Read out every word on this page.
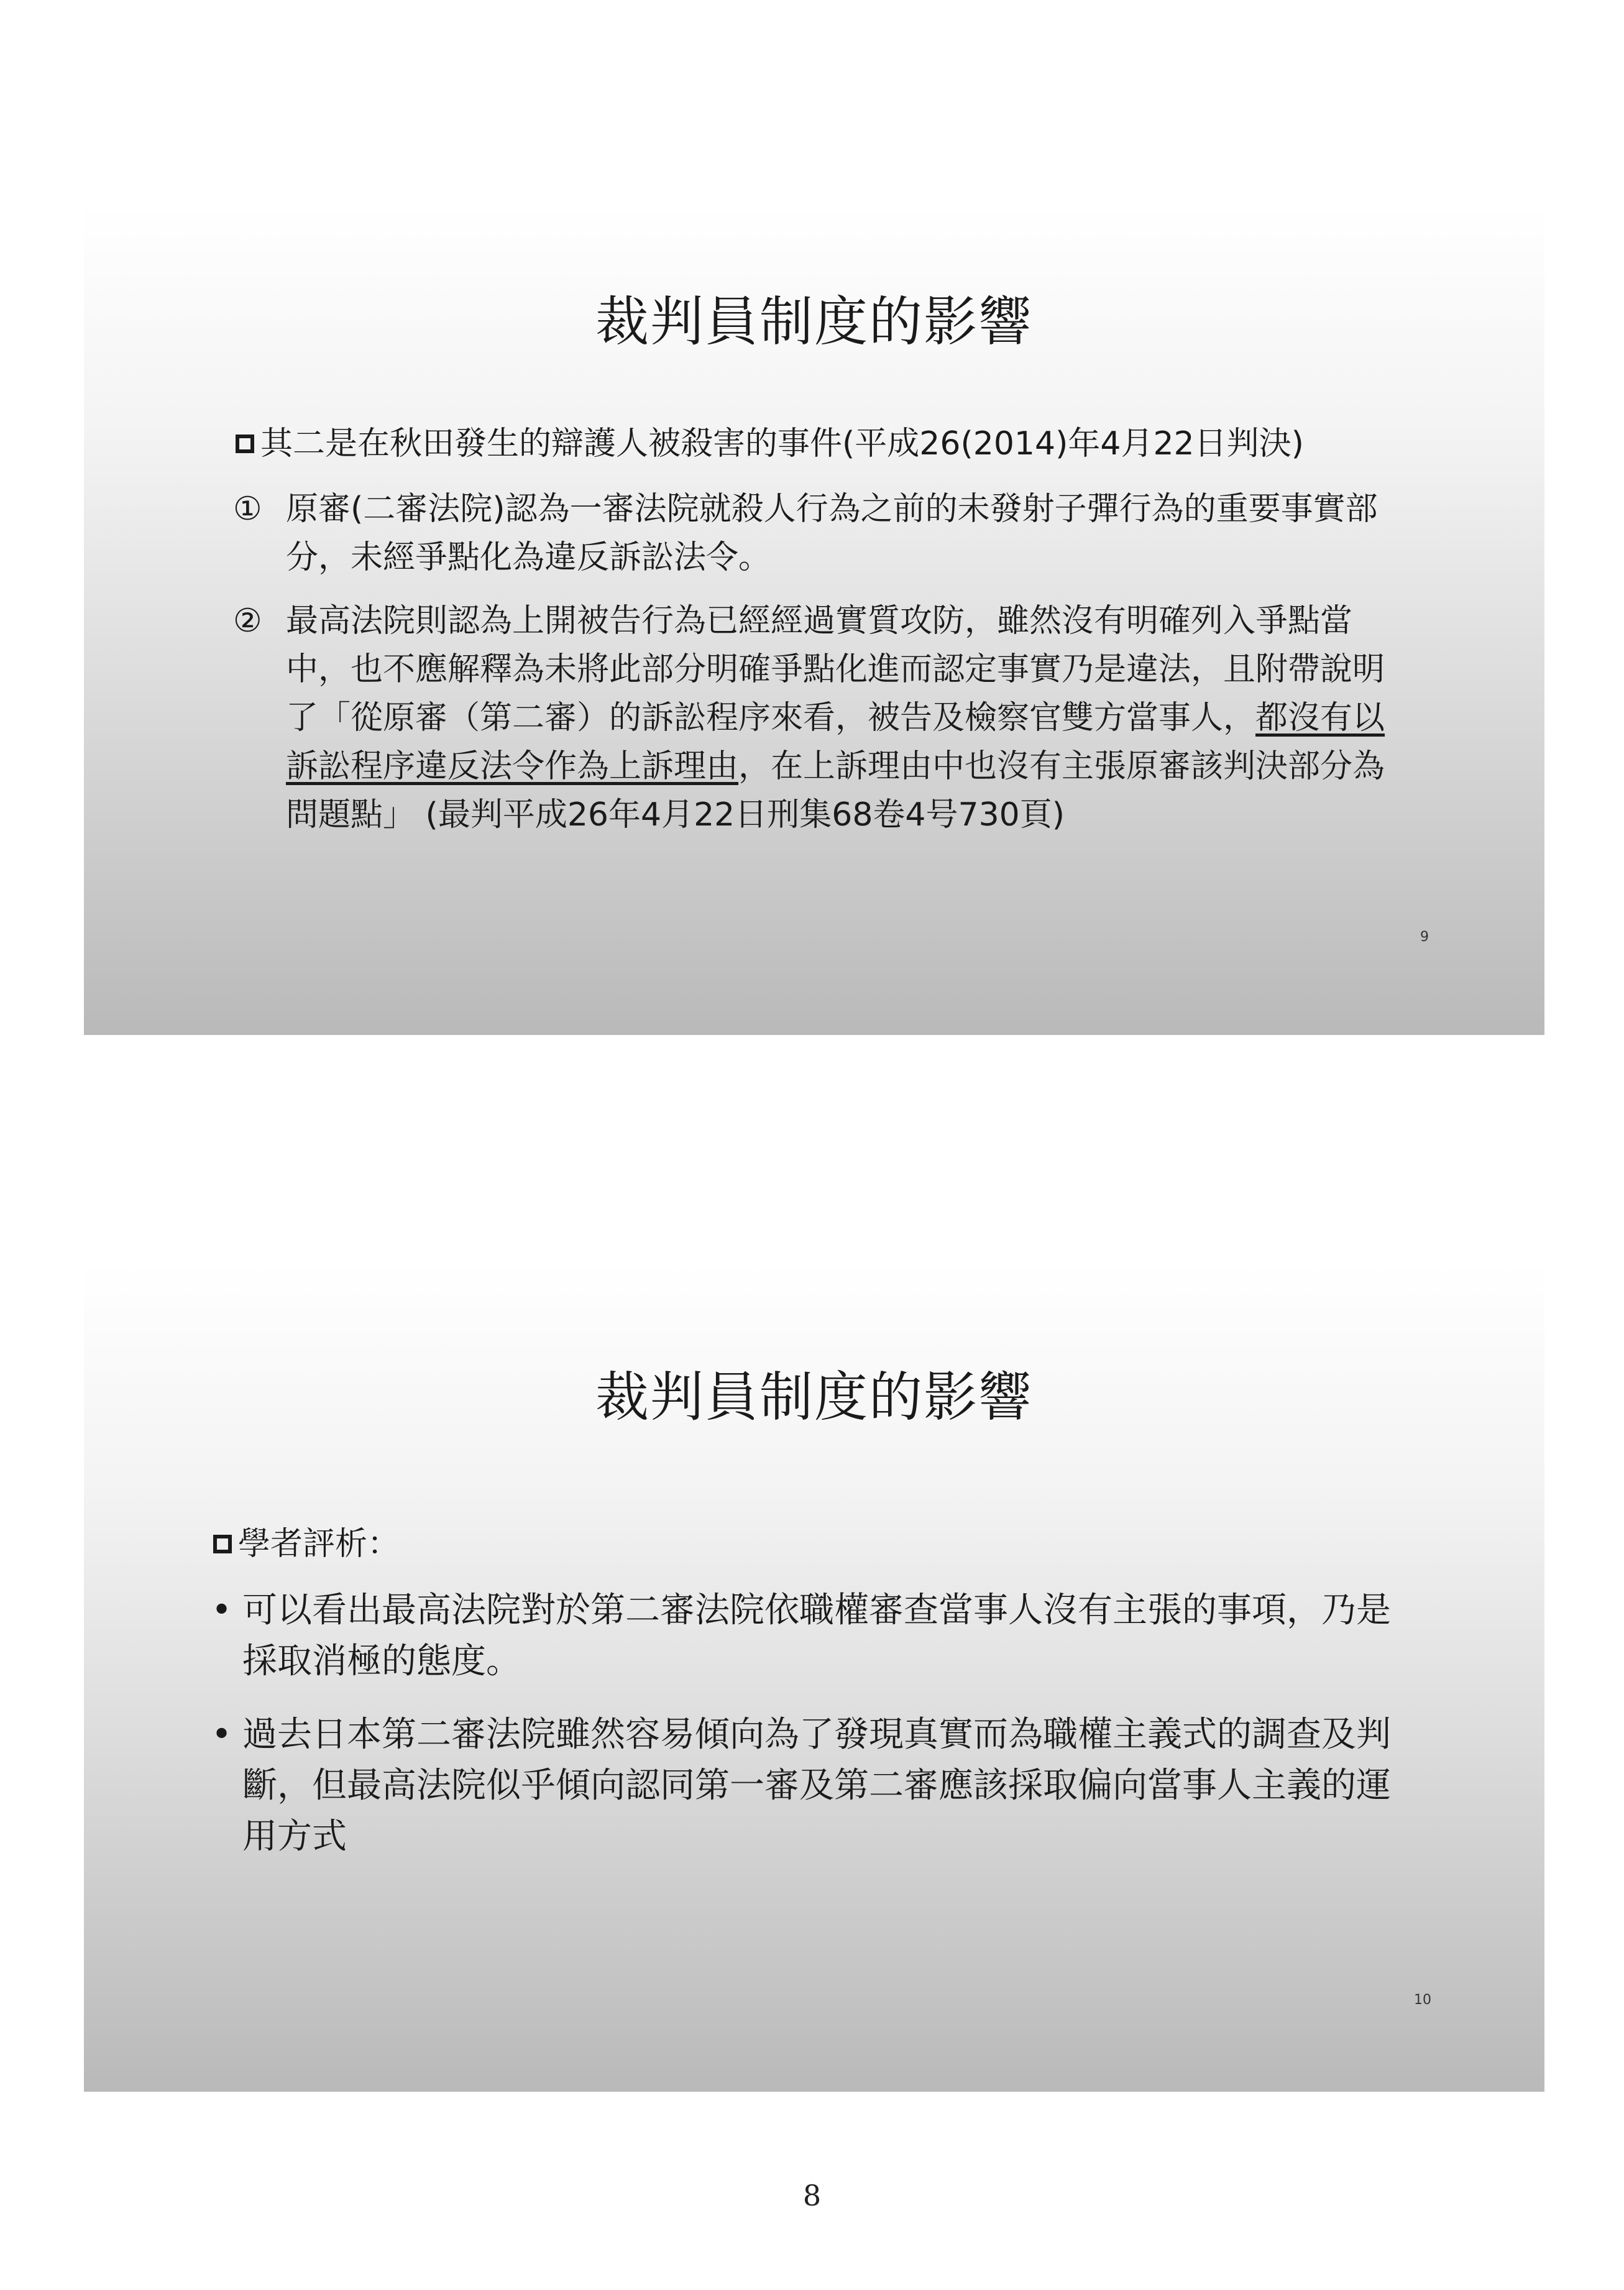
裁判員制度的影響
其二是在秋田發生的辯護人被殺害的事件(平成26(2014)年4月22日判決)
① 原審(二審法院)認為一審法院就殺人行為之前的未發射子彈行為的重要事實部分，未經爭點化為違反訴訟法令。
② 最高法院則認為上開被告行為已經經過實質攻防，雖然沒有明確列入爭點當中，也不應解釋為未將此部分明確爭點化進而認定事實乃是違法，且附帶說明了「從原審（第二審）的訴訟程序來看，被告及檢察官雙方當事人，都沒有以訴訟程序違反法令作為上訴理由，在上訴理由中也沒有主張原審該判決部分為問題點」 (最判平成26年4月22日刑集68卷4号730頁)
9
裁判員制度的影響
學者評析：
• 可以看出最高法院對於第二審法院依職權審查當事人沒有主張的事項，乃是採取消極的態度。
• 過去日本第二審法院雖然容易傾向為了發現真實而為職權主義式的調查及判斷，但最高法院似乎傾向認同第一審及第二審應該採取偏向當事人主義的運用方式
10
8
